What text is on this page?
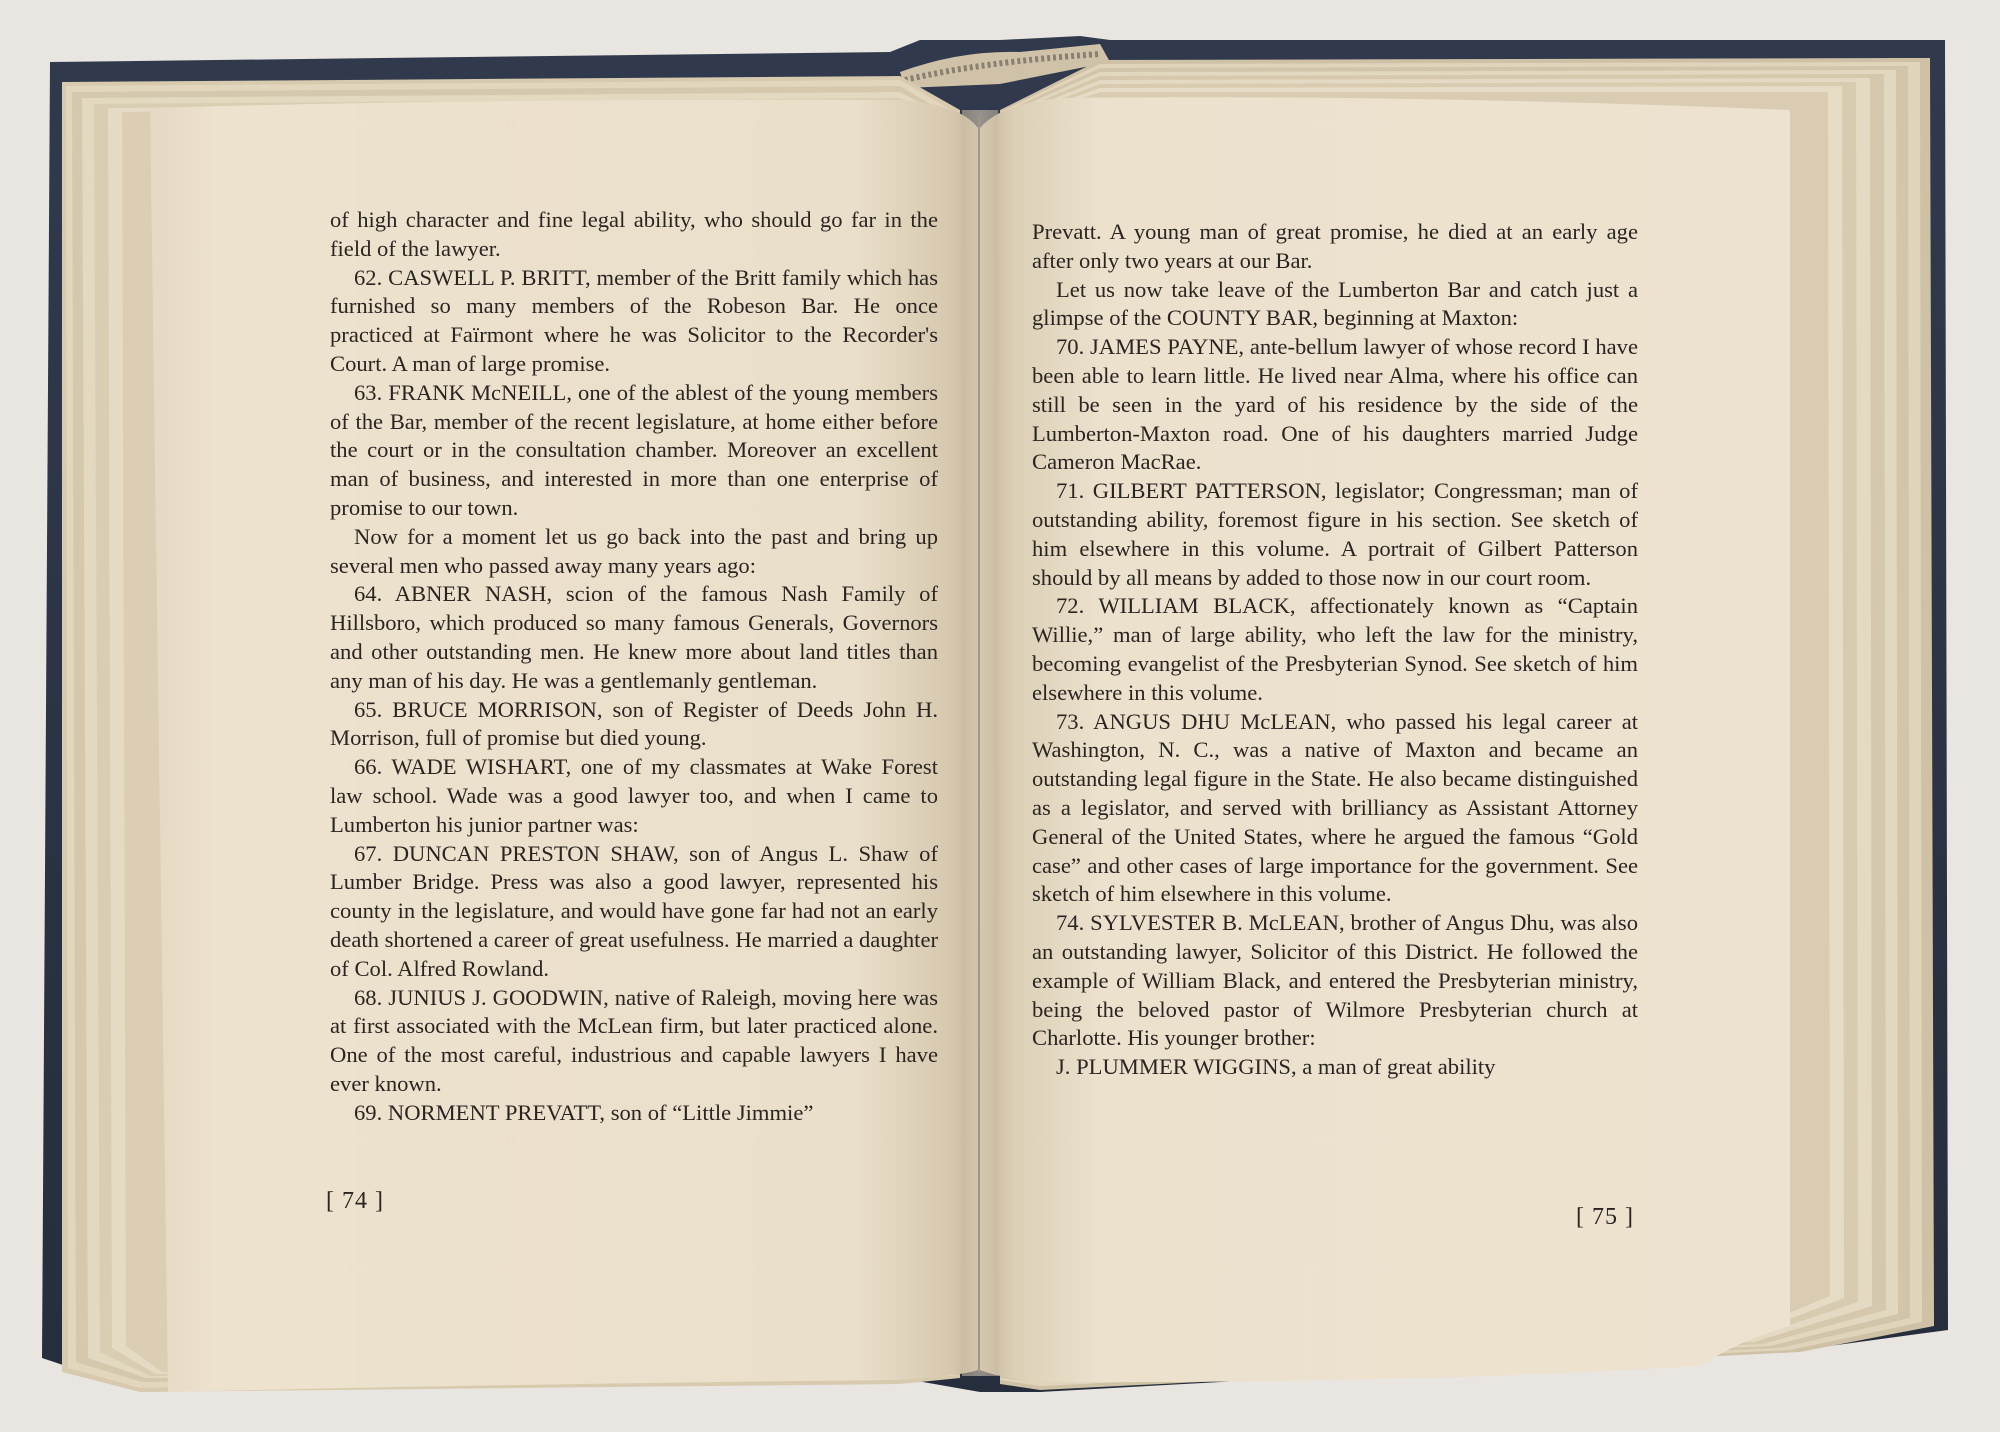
of high character and fine legal ability, who should go far in the field of the lawyer.

62. CASWELL P. BRITT, member of the Britt family which has furnished so many members of the Robeson Bar. He once practiced at Faïrmont where he was Solicitor to the Recorder's Court. A man of large promise.

63. FRANK McNEILL, one of the ablest of the young members of the Bar, member of the recent legislature, at home either before the court or in the consultation chamber. Moreover an excellent man of business, and interested in more than one enterprise of promise to our town.

Now for a moment let us go back into the past and bring up several men who passed away many years ago:

64. ABNER NASH, scion of the famous Nash Family of Hillsboro, which produced so many famous Generals, Governors and other outstanding men. He knew more about land titles than any man of his day. He was a gentlemanly gentleman.

65. BRUCE MORRISON, son of Register of Deeds John H. Morrison, full of promise but died young.

66. WADE WISHART, one of my classmates at Wake Forest law school. Wade was a good lawyer too, and when I came to Lumberton his junior partner was:

67. DUNCAN PRESTON SHAW, son of Angus L. Shaw of Lumber Bridge. Press was also a good lawyer, represented his county in the legislature, and would have gone far had not an early death shortened a career of great usefulness. He married a daughter of Col. Alfred Rowland.

68. JUNIUS J. GOODWIN, native of Raleigh, moving here was at first associated with the McLean firm, but later practiced alone. One of the most careful, industrious and capable lawyers I have ever known.

69. NORMENT PREVATT, son of “Little Jimmie”

[ 74 ]

Prevatt. A young man of great promise, he died at an early age after only two years at our Bar.

Let us now take leave of the Lumberton Bar and catch just a glimpse of the COUNTY BAR, beginning at Maxton:

70. JAMES PAYNE, ante-bellum lawyer of whose record I have been able to learn little. He lived near Alma, where his office can still be seen in the yard of his residence by the side of the Lumberton-Maxton road. One of his daughters married Judge Cameron MacRae.

71. GILBERT PATTERSON, legislator; Congressman; man of outstanding ability, foremost figure in his section. See sketch of him elsewhere in this volume. A portrait of Gilbert Patterson should by all means by added to those now in our court room.

72. WILLIAM BLACK, affectionately known as “Captain Willie,” man of large ability, who left the law for the ministry, becoming evangelist of the Presbyterian Synod. See sketch of him elsewhere in this volume.

73. ANGUS DHU McLEAN, who passed his legal career at Washington, N. C., was a native of Maxton and became an outstanding legal figure in the State. He also became distinguished as a legislator, and served with brilliancy as Assistant Attorney General of the United States, where he argued the famous “Gold case” and other cases of large importance for the government. See sketch of him elsewhere in this volume.

74. SYLVESTER B. McLEAN, brother of Angus Dhu, was also an outstanding lawyer, Solicitor of this District. He followed the example of William Black, and entered the Presbyterian ministry, being the beloved pastor of Wilmore Presbyterian church at Charlotte. His younger brother:

J. PLUMMER WIGGINS, a man of great ability

[ 75 ]
